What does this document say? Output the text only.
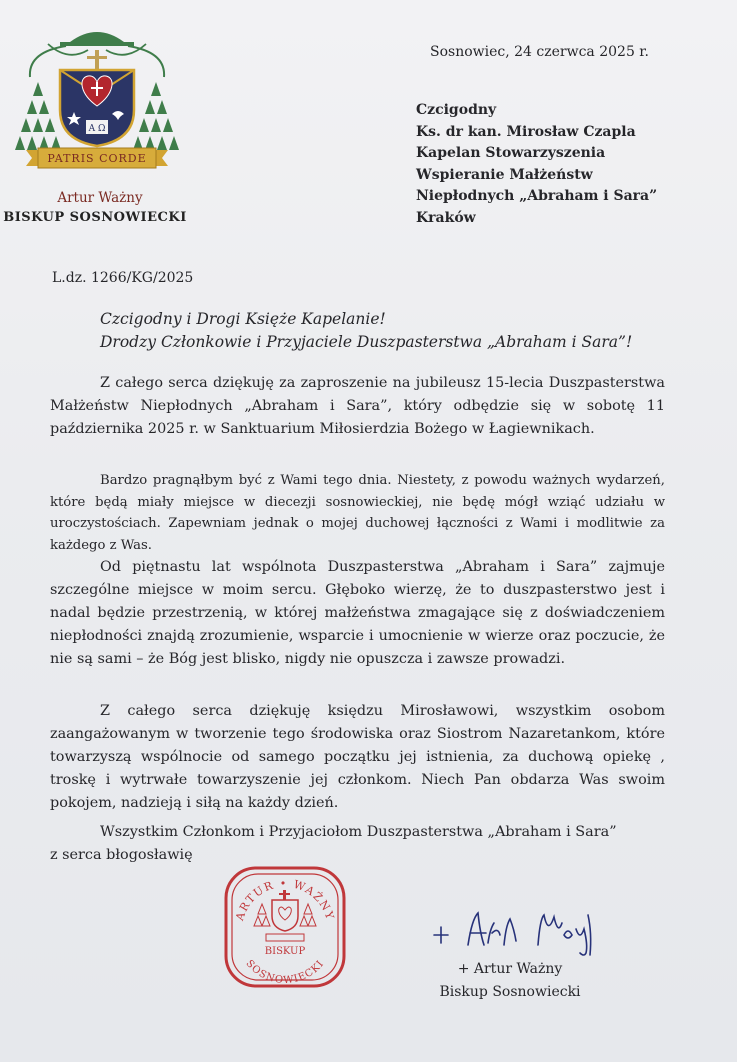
A Ω
PATRIS CORDE
Artur Ważny
BISKUP SOSNOWIECKI
Sosnowiec, 24 czerwca 2025 r.
Czcigodny
Ks. dr kan. Mirosław Czapla
Kapelan Stowarzyszenia
Wspieranie Małżeństw
Niepłodnych „Abraham i Sara”
Kraków
L.dz. 1266/KG/2025
Czcigodny i Drogi Księże Kapelanie!
Drodzy Członkowie i Przyjaciele Duszpasterstwa „Abraham i Sara”!

Z całego serca dziękuję za zaproszenie na jubileusz 15-lecia Duszpasterstwa Małżeństw Niepłodnych „Abraham i Sara”, który odbędzie się w sobotę 11 października 2025 r. w Sanktuarium Miłosierdzia Bożego w Łagiewnikach.

Bardzo pragnąłbym być z Wami tego dnia. Niestety, z powodu ważnych wydarzeń, które będą miały miejsce w diecezji sosnowieckiej, nie będę mógł wziąć udziału w uroczystościach. Zapewniam jednak o mojej duchowej łączności z Wami i modlitwie za każdego z Was.

Od piętnastu lat wspólnota Duszpasterstwa „Abraham i Sara” zajmuje szczególne miejsce w moim sercu. Głęboko wierzę, że to duszpasterstwo jest i nadal będzie przestrzenią, w której małżeństwa zmagające się z doświadczeniem niepłodności znajdą zrozumienie, wsparcie i umocnienie w wierze oraz poczucie, że nie są sami – że Bóg jest blisko, nigdy nie opuszcza i zawsze prowadzi.

Z całego serca dziękuję księdzu Mirosławowi, wszystkim osobom zaangażowanym w tworzenie tego środowiska oraz Siostrom Nazaretankom, które towarzyszą wspólnocie od samego początku jej istnienia, za duchową opiekę , troskę i wytrwałe towarzyszenie jej członkom. Niech Pan obdarza Was swoim pokojem, nadzieją i siłą na każdy dzień.

Wszystkim Członkom i Przyjaciołom Duszpasterstwa „Abraham i Sara”

z serca błogosławię
ARTUR • WAŻNY
SOSNOWIECKI
BISKUP
+ Artur Ważny
Biskup Sosnowiecki
